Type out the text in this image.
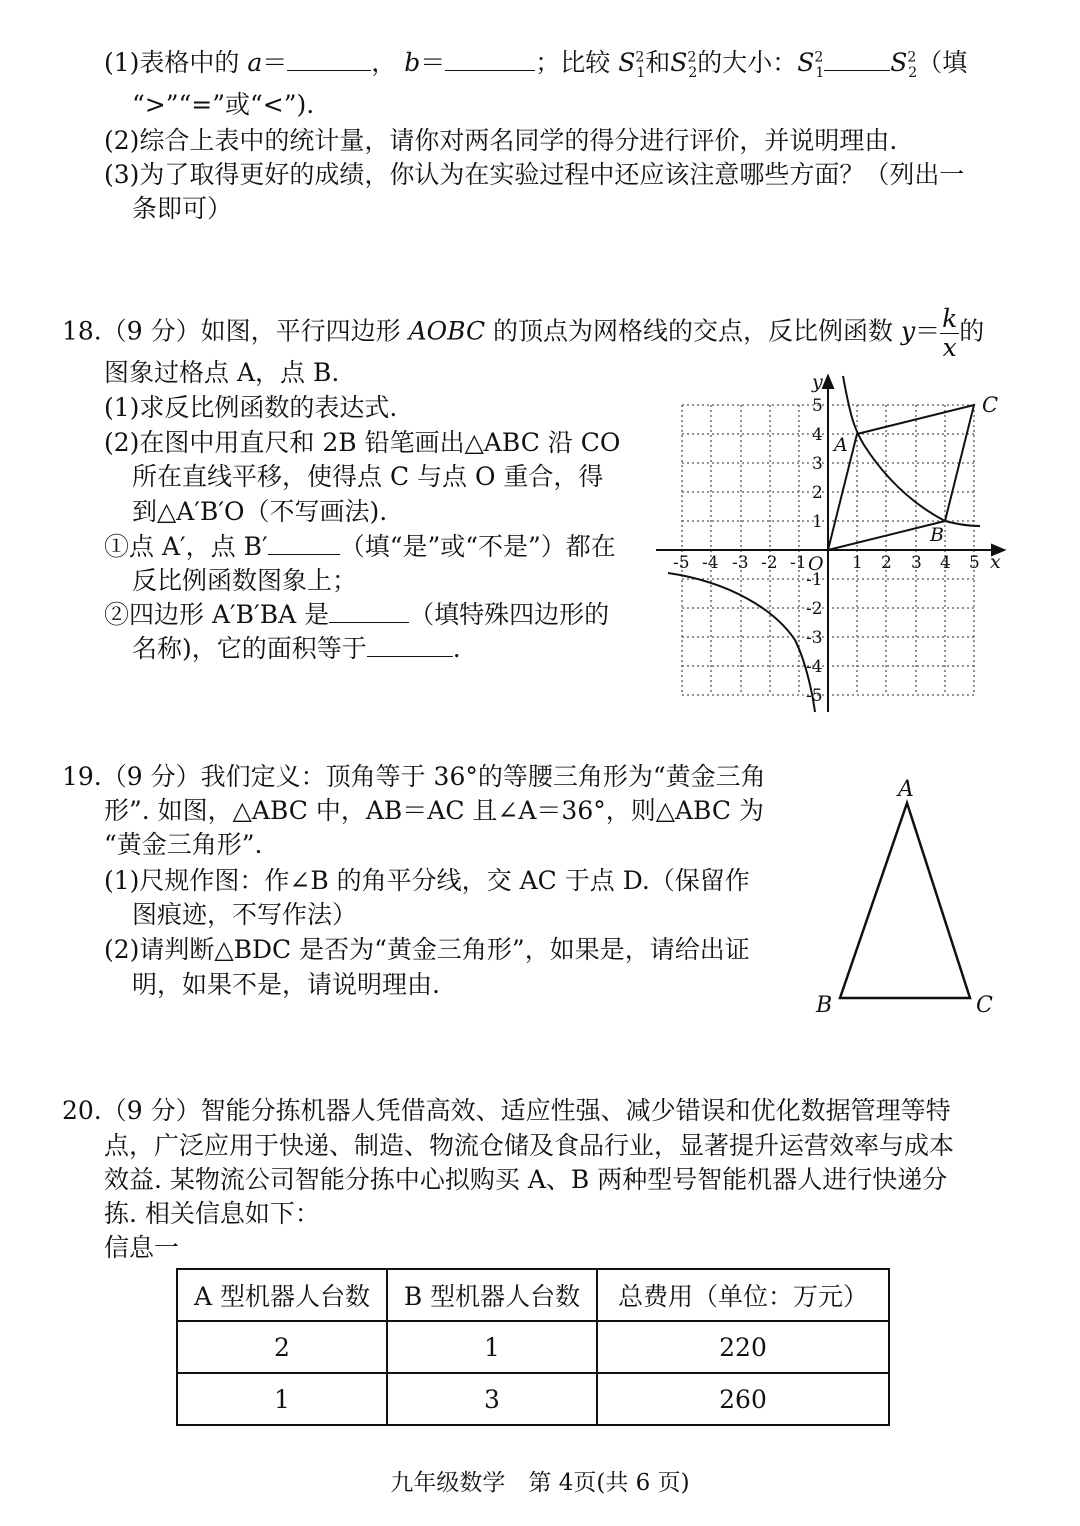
(1)表格中的 a＝	， b＝	；比较 $S^2_1$和$S^2_2$的大小：$S^2_1$	$S^2_2$（填
“>”“=”或“<”).
(2)综合上表中的统计量，请你对两名同学的得分进行评价，并说明理由.
(3)为了取得更好的成绩，你认为在实验过程中还应该注意哪些方面？（列出一
条即可）
18.（9 分）如图，平行四边形 AOBC 的顶点为网格线的交点，反比例函数 $y= \frac{k}{x}$ 的
图象过格点 A，点 B.
(1)求反比例函数的表达式.
(2)在图中用直尺和 2B 铅笔画出△ABC 沿 CO
所在直线平移，使得点 C 与点 O 重合，得
到△A′B′O（不写画法).
①点 A′，点 B′	（填“是”或“不是”）都在
反比例函数图象上；
②四边形 A′B′BA 是	（填特殊四边形的
名称)，它的面积等于	.
-5 -4 -3 -2 -1	1 2 3 4 5
5
4
3
2
1
-1
-2
-3
-4
-5
x
y
O
A
B
C
19.（9 分）我们定义：顶角等于 36°的等腰三角形为“黄金三角
形”. 如图，△ABC 中，AB＝AC 且∠A＝36°，则△ABC 为
“黄金三角形”.
(1)尺规作图：作∠B 的角平分线，交 AC 于点 D.（保留作
图痕迹，不写作法）
(2)请判断△BDC 是否为“黄金三角形”，如果是，请给出证
明，如果不是，请说明理由.
A
B	C
20.（9 分）智能分拣机器人凭借高效、适应性强、减少错误和优化数据管理等特
点，广泛应用于快递、制造、物流仓储及食品行业，显著提升运营效率与成本
效益. 某物流公司智能分拣中心拟购买 A、B 两种型号智能机器人进行快递分
拣. 相关信息如下：
信息一
A 型机器人台数	B 型机器人台数	总费用（单位：万元）
2	1	220
1	3	260
九年级数学　第 4页(共 6 页)
